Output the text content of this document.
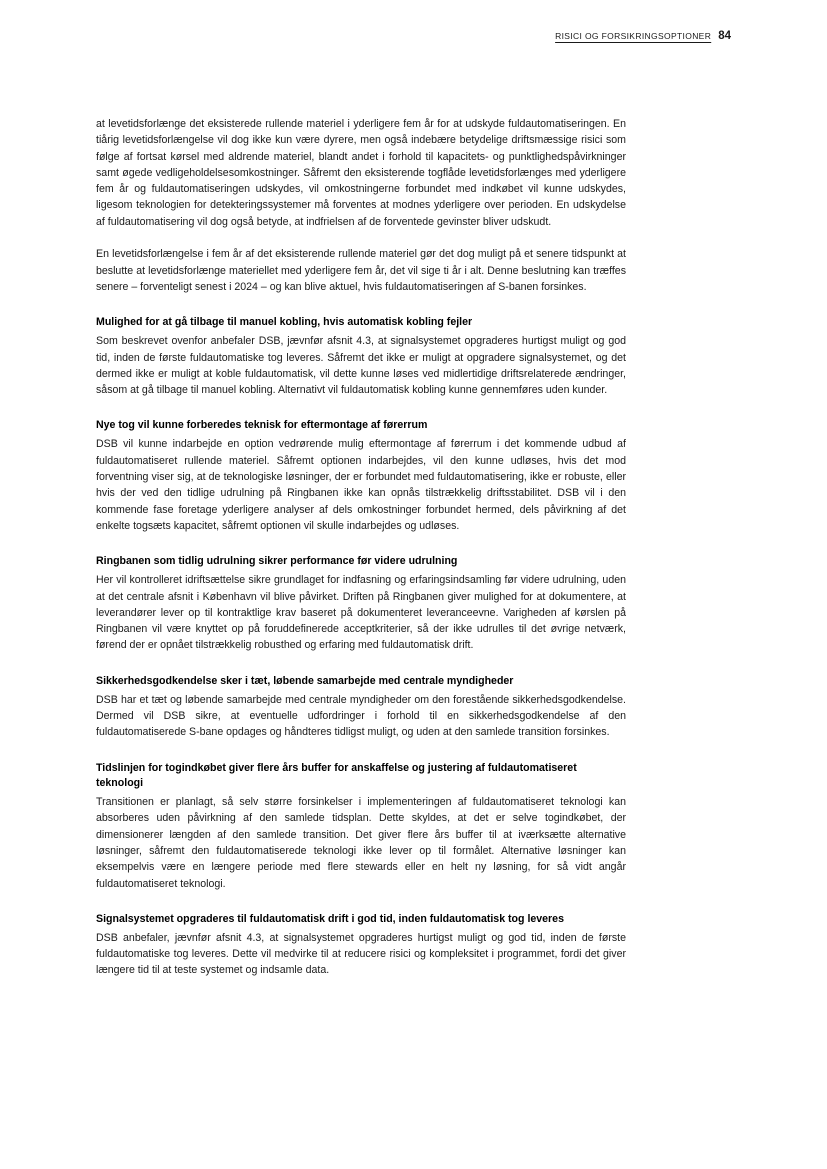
RISICI OG FORSIKRINGSOPTIONER 84

at levetidsforlænge det eksisterede rullende materiel i yderligere fem år for at udskyde fuldautomatiseringen. En tiårig levetidsforlængelse vil dog ikke kun være dyrere, men også indebære betydelige driftsmæssige risici som følge af fortsat kørsel med aldrende materiel, blandt andet i forhold til kapacitets- og punktlighedspåvirkninger samt øgede vedligeholdelsesomkostninger. Såfremt den eksisterende togflåde levetidsforlænges med yderligere fem år og fuldautomatiseringen udskydes, vil omkostningerne forbundet med indkøbet vil kunne udskydes, ligesom teknologien for detekteringssystemer må forventes at modnes yderligere over perioden. En udskydelse af fuldautomatisering vil dog også betyde, at indfrielsen af de forventede gevinster bliver udskudt.

En levetidsforlængelse i fem år af det eksisterende rullende materiel gør det dog muligt på et senere tidspunkt at beslutte at levetidsforlænge materiellet med yderligere fem år, det vil sige ti år i alt. Denne beslutning kan træffes senere – forventeligt senest i 2024 – og kan blive aktuel, hvis fuldautomatiseringen af S-banen forsinkes.

Mulighed for at gå tilbage til manuel kobling, hvis automatisk kobling fejler

Som beskrevet ovenfor anbefaler DSB, jævnfør afsnit 4.3, at signalsystemet opgraderes hurtigst muligt og god tid, inden de første fuldautomatiske tog leveres. Såfremt det ikke er muligt at opgradere signalsystemet, og det dermed ikke er muligt at koble fuldautomatisk, vil dette kunne løses ved midlertidige driftsrelaterede ændringer, såsom at gå tilbage til manuel kobling. Alternativt vil fuldautomatisk kobling kunne gennemføres uden kunder.

Nye tog vil kunne forberedes teknisk for eftermontage af førerrum

DSB vil kunne indarbejde en option vedrørende mulig eftermontage af førerrum i det kommende udbud af fuldautomatiseret rullende materiel. Såfremt optionen indarbejdes, vil den kunne udløses, hvis det mod forventning viser sig, at de teknologiske løsninger, der er forbundet med fuldautomatisering, ikke er robuste, eller hvis der ved den tidlige udrulning på Ringbanen ikke kan opnås tilstrækkelig driftsstabilitet. DSB vil i den kommende fase foretage yderligere analyser af dels omkostninger forbundet hermed, dels påvirkning af det enkelte togsæts kapacitet, såfremt optionen vil skulle indarbejdes og udløses.

Ringbanen som tidlig udrulning sikrer performance før videre udrulning

Her vil kontrolleret idriftsættelse sikre grundlaget for indfasning og erfaringsindsamling før videre udrulning, uden at det centrale afsnit i København vil blive påvirket. Driften på Ringbanen giver mulighed for at dokumentere, at leverandører lever op til kontraktlige krav baseret på dokumenteret leveranceevne. Varigheden af kørslen på Ringbanen vil være knyttet op på foruddefinerede acceptkriterier, så der ikke udrulles til det øvrige netværk, førend der er opnået tilstrækkelig robusthed og erfaring med fuldautomatisk drift.

Sikkerhedsgodkendelse sker i tæt, løbende samarbejde med centrale myndigheder

DSB har et tæt og løbende samarbejde med centrale myndigheder om den forestående sikkerhedsgodkendelse. Dermed vil DSB sikre, at eventuelle udfordringer i forhold til en sikkerhedsgodkendelse af den fuldautomatiserede S-bane opdages og håndteres tidligst muligt, og uden at den samlede transition forsinkes.

Tidslinjen for togindkøbet giver flere års buffer for anskaffelse og justering af fuldautomatiseret teknologi

Transitionen er planlagt, så selv større forsinkelser i implementeringen af fuldautomatiseret teknologi kan absorberes uden påvirkning af den samlede tidsplan. Dette skyldes, at det er selve togindkøbet, der dimensionerer længden af den samlede transition. Det giver flere års buffer til at iværksætte alternative løsninger, såfremt den fuldautomatiserede teknologi ikke lever op til formålet. Alternative løsninger kan eksempelvis være en længere periode med flere stewards eller en helt ny løsning, for så vidt angår fuldautomatiseret teknologi.

Signalsystemet opgraderes til fuldautomatisk drift i god tid, inden fuldautomatisk tog leveres

DSB anbefaler, jævnfør afsnit 4.3, at signalsystemet opgraderes hurtigst muligt og god tid, inden de første fuldautomatiske tog leveres. Dette vil medvirke til at reducere risici og kompleksitet i programmet, fordi det giver længere tid til at teste systemet og indsamle data.
